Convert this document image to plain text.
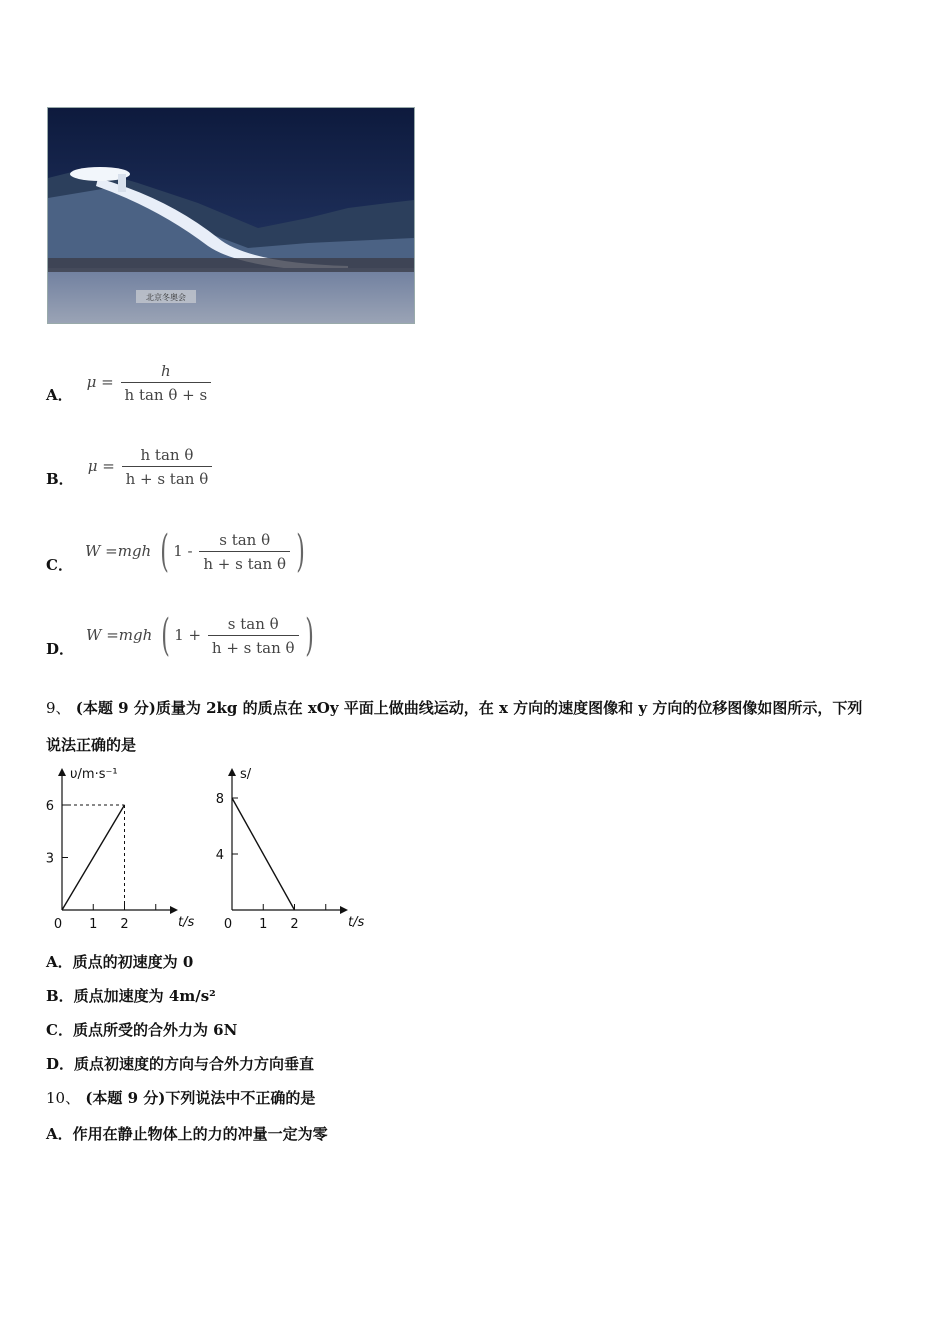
北京冬奥会
A．
$\mu = \frac{h}{\text{h tan θ + s}}$
B．
$\mu = \frac{\text{h tan θ}}{\text{h + s tan θ}}$
C．
W =mgh ( $1 - \frac{\text{s tan θ}}{\text{h + s tan θ}}$ )
D．
W =mgh ( $1 + \frac{\text{s tan θ}}{\text{h + s tan θ}}$ )
9、 (本题 9 分)质量为 2kg 的质点在 xOy 平面上做曲线运动，在 x 方向的速度图像和 y 方向的位移图像如图所示，下列
说法正确的是
υ/m·s⁻¹
t/s
0 1 2
3
6
s/
t/s
0 1 2
4
8
A．质点的初速度为 0
B．质点加速度为 4m/s²
C．质点所受的合外力为 6N
D．质点初速度的方向与合外力方向垂直
10、 (本题 9 分)下列说法中不正确的是
A．作用在静止物体上的力的冲量一定为零
